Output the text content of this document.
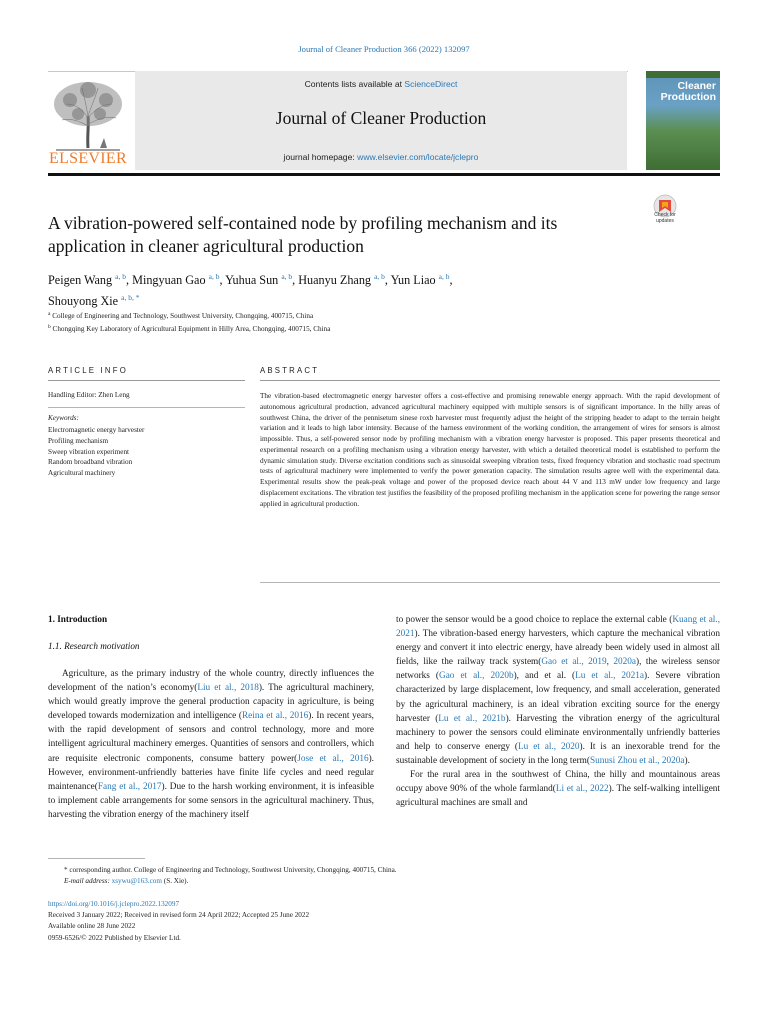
Journal of Cleaner Production 366 (2022) 132097
ELSEVIER
Contents lists available at ScienceDirect
Journal of Cleaner Production
journal homepage: www.elsevier.com/locate/jclepro
Cleaner
Production
A vibration-powered self-contained node by profiling mechanism and its
application in cleaner agricultural production
Check for
updates
Peigen Wang $^{a, b}$, Mingyuan Gao $^{a, b}$, Yuhua Sun $^{a, b}$, Huanyu Zhang $^{a, b}$, Yun Liao $^{a, b}$,
Shouyong Xie $^{a, b, *}$
$^a$ College of Engineering and Technology, Southwest University, Chongqing, 400715, China
$^b$ Chongqing Key Laboratory of Agricultural Equipment in Hilly Area, Chongqing, 400715, China
ARTICLE INFO	ABSTRACT
Handling Editor: Zhen Leng
Keywords:
Electromagnetic energy harvester
Profiling mechanism
Sweep vibration experiment
Random broadband vibration
Agricultural machinery
The vibration-based electromagnetic energy harvester offers a cost-effective and promising renewable energy approach. With the rapid development of autonomous agricultural production, advanced agricultural machinery equipped with multiple sensors is of significant importance. In the hilly areas of southwest China, the driver of the pennisetum sinese roxb harvester must frequently adjust the height of the stripping header to adapt to the terrain height variation and it leads to high labor intensity. Because of the harness environment of the working condition, the arrangement of wires for sensors is almost impossible. Thus, a self-powered sensor node by profiling mechanism with a vibration energy harvester is proposed. This paper presents theoretical and experimental research on a profiling mechanism using a vibration energy harvester, with which a detailed theoretical model is established to perform the dynamic simulation study. Diverse excitation conditions such as sinusoidal sweeping vibration tests, fixed frequency vibration and stochastic road spectrum tests of agricultural machinery were implemented to verify the power generation capacity. The simulation results agree well with the experimental data. Experimental results show the peak-peak voltage and power of the proposed device reach about 44 V and 113 mW under low frequency and large displacement excitations. The vibration test justifies the feasibility of the proposed profiling mechanism in the application scene for powering the range sensor applied in agricultural production.
1. Introduction
1.1. Research motivation
Agriculture, as the primary industry of the whole country, directly influences the development of the nation’s economy(Liu et al., 2018). The agricultural machinery, which would greatly improve the general production capacity in agriculture, is being developed towards modernization and intelligence (Reina et al., 2016). In recent years, with the rapid development of sensors and control technology, more and more intelligent agricultural machinery emerges. Quantities of sensors and controllers, which are requisite electronic components, consume battery power(Jose et al., 2016). However, environment-unfriendly batteries have finite life cycles and need regular maintenance(Fang et al., 2017). Due to the harsh working environment, it is infeasible to implement cable arrangements for some sensors in the agricultural machinery. Thus, harvesting the vibration energy of the machinery itself
to power the sensor would be a good choice to replace the external cable (Kuang et al., 2021). The vibration-based energy harvesters, which capture the mechanical vibration energy and convert it into electric energy, have already been widely used in almost all fields, like the railway track system(Gao et al., 2019, 2020a), the wireless sensor networks (Gao et al., 2020b), and et al. (Lu et al., 2021a). Severe vibration characterized by large displacement, low frequency, and small acceleration, generated by the agricultural machinery, is an ideal vibration exciting source for the energy harvester (Lu et al., 2021b). Harvesting the vibration energy of the agricultural machinery to power the sensors could eliminate environmentally unfriendly batteries and help to conserve energy (Lu et al., 2020). It is an inexorable trend for the sustainable development of society in the long term(Sunusi Zhou et al., 2020a).
For the rural area in the southwest of China, the hilly and mountainous areas occupy above 90% of the whole farmland(Li et al., 2022). The self-walking intelligent agricultural machines are small and
* corresponding author. College of Engineering and Technology, Southwest University, Chongqing, 400715, China.
E-mail address: xsywu@163.com (S. Xie).
https://doi.org/10.1016/j.jclepro.2022.132097
Received 3 January 2022; Received in revised form 24 April 2022; Accepted 25 June 2022
Available online 28 June 2022
0959-6526/© 2022 Published by Elsevier Ltd.
